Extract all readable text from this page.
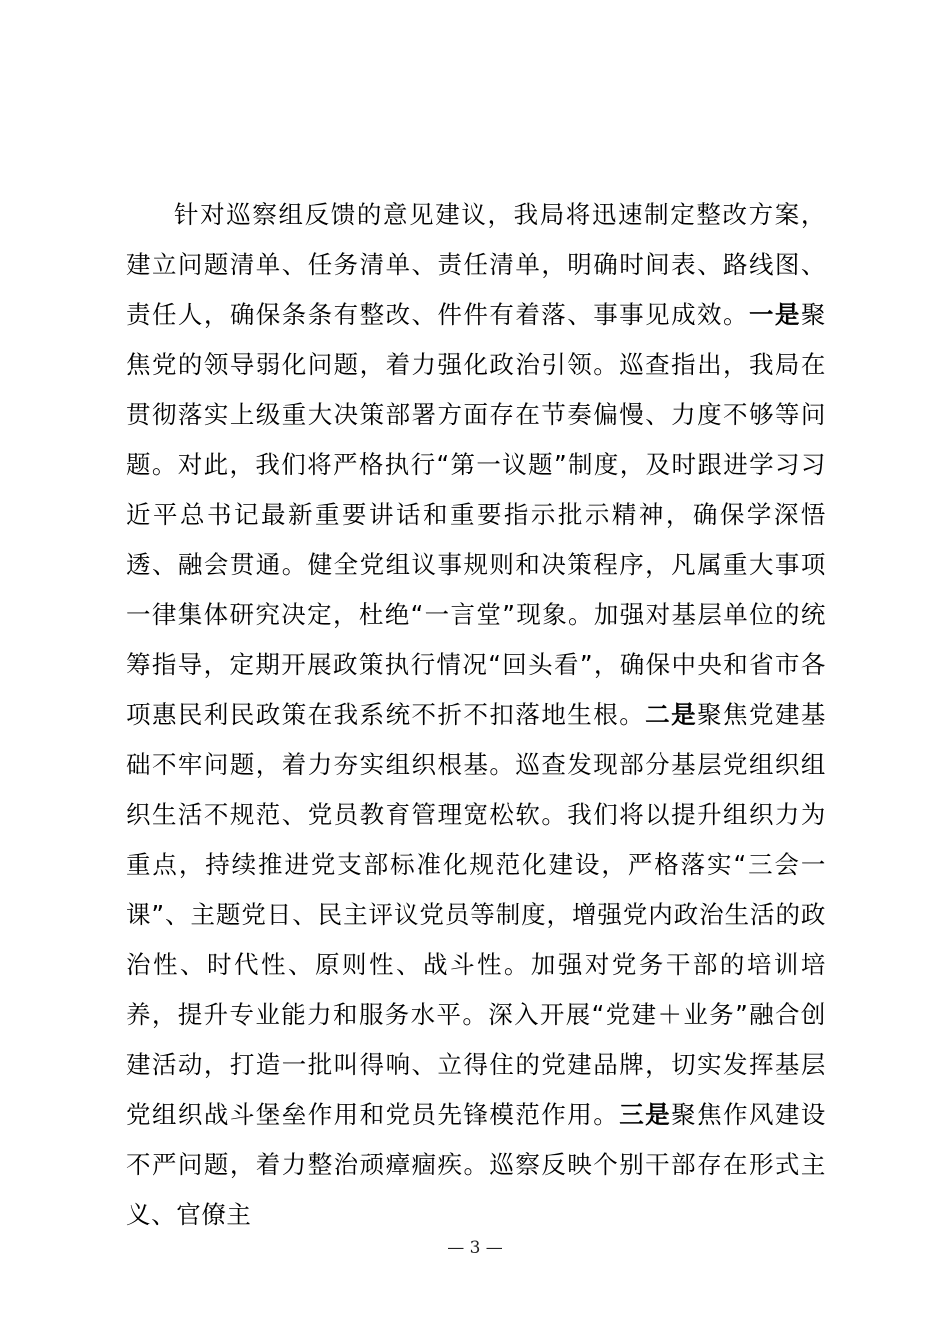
针对巡察组反馈的意见建议，我局将迅速制定整改方案，建立问题清单、任务清单、责任清单，明确时间表、路线图、责任人，确保条条有整改、件件有着落、事事见成效。一是聚焦党的领导弱化问题，着力强化政治引领。巡查指出，我局在贯彻落实上级重大决策部署方面存在节奏偏慢、力度不够等问题。对此，我们将严格执行“第一议题”制度，及时跟进学习习近平总书记最新重要讲话和重要指示批示精神，确保学深悟透、融会贯通。健全党组议事规则和决策程序，凡属重大事项一律集体研究决定，杜绝“一言堂”现象。加强对基层单位的统筹指导，定期开展政策执行情况“回头看”，确保中央和省市各项惠民利民政策在我系统不折不扣落地生根。二是聚焦党建基础不牢问题，着力夯实组织根基。巡查发现部分基层党组织组织生活不规范、党员教育管理宽松软。我们将以提升组织力为重点，持续推进党支部标准化规范化建设，严格落实“三会一课”、主题党日、民主评议党员等制度，增强党内政治生活的政治性、时代性、原则性、战斗性。加强对党务干部的培训培养，提升专业能力和服务水平。深入开展“党建＋业务”融合创建活动，打造一批叫得响、立得住的党建品牌，切实发挥基层党组织战斗堡垒作用和党员先锋模范作用。三是聚焦作风建设不严问题，着力整治顽瘴痼疾。巡察反映个别干部存在形式主义、官僚主

— 3 —
